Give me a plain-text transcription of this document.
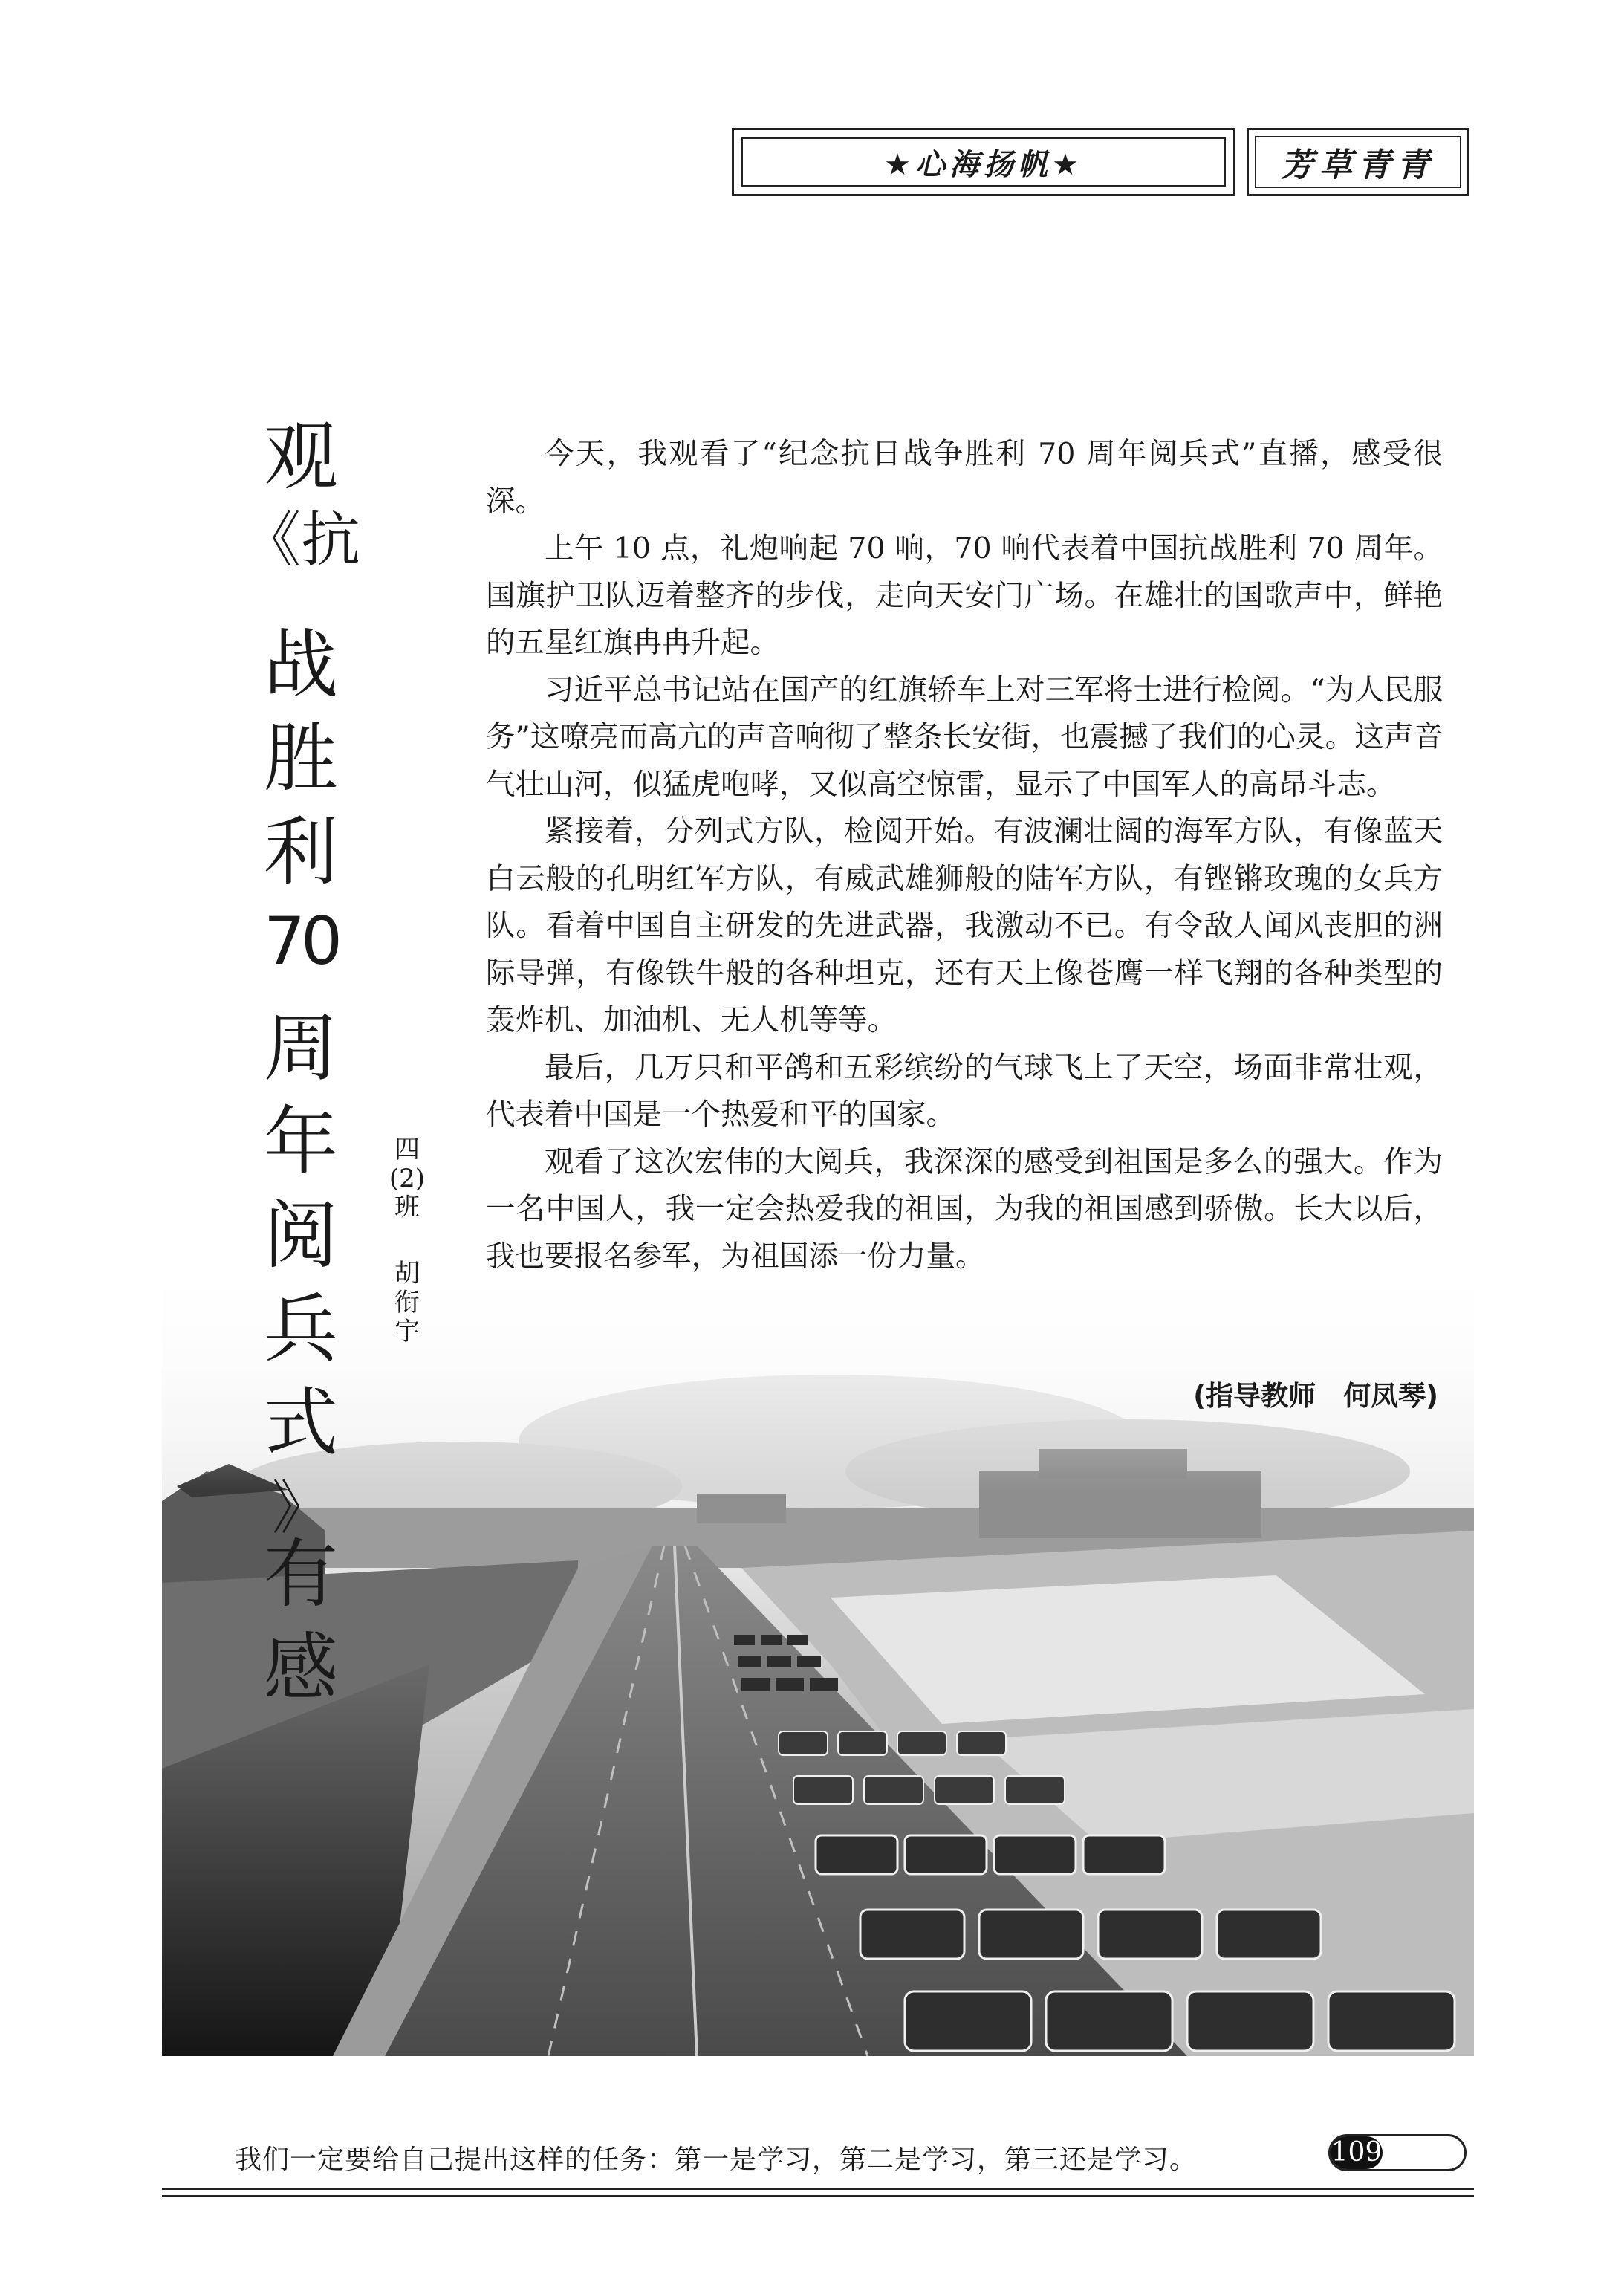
★心海扬帆★	芳草青青
观
《抗
战
胜
利
70
周
年
阅
兵
式
》
有
感
四(2)班
胡衔宇

今天，我观看了“纪念抗日战争胜利 70 周年阅兵式”直播，感受很深。

上午 10 点，礼炮响起 70 响，70 响代表着中国抗战胜利 70 周年。国旗护卫队迈着整齐的步伐，走向天安门广场。在雄壮的国歌声中，鲜艳的五星红旗冉冉升起。

习近平总书记站在国产的红旗轿车上对三军将士进行检阅。“为人民服务”这嘹亮而高亢的声音响彻了整条长安街，也震撼了我们的心灵。这声音气壮山河，似猛虎咆哮，又似高空惊雷，显示了中国军人的高昂斗志。

紧接着，分列式方队，检阅开始。有波澜壮阔的海军方队，有像蓝天白云般的孔明红军方队，有威武雄狮般的陆军方队，有铿锵玫瑰的女兵方队。看着中国自主研发的先进武器，我激动不已。有令敌人闻风丧胆的洲际导弹，有像铁牛般的各种坦克，还有天上像苍鹰一样飞翔的各种类型的轰炸机、加油机、无人机等等。

最后，几万只和平鸽和五彩缤纷的气球飞上了天空，场面非常壮观，代表着中国是一个热爱和平的国家。

观看了这次宏伟的大阅兵，我深深的感受到祖国是多么的强大。作为一名中国人，我一定会热爱我的祖国，为我的祖国感到骄傲。长大以后，我也要报名参军，为祖国添一份力量。

(指导教师　何凤琴)
我们一定要给自己提出这样的任务：第一是学习，第二是学习，第三还是学习。	109
